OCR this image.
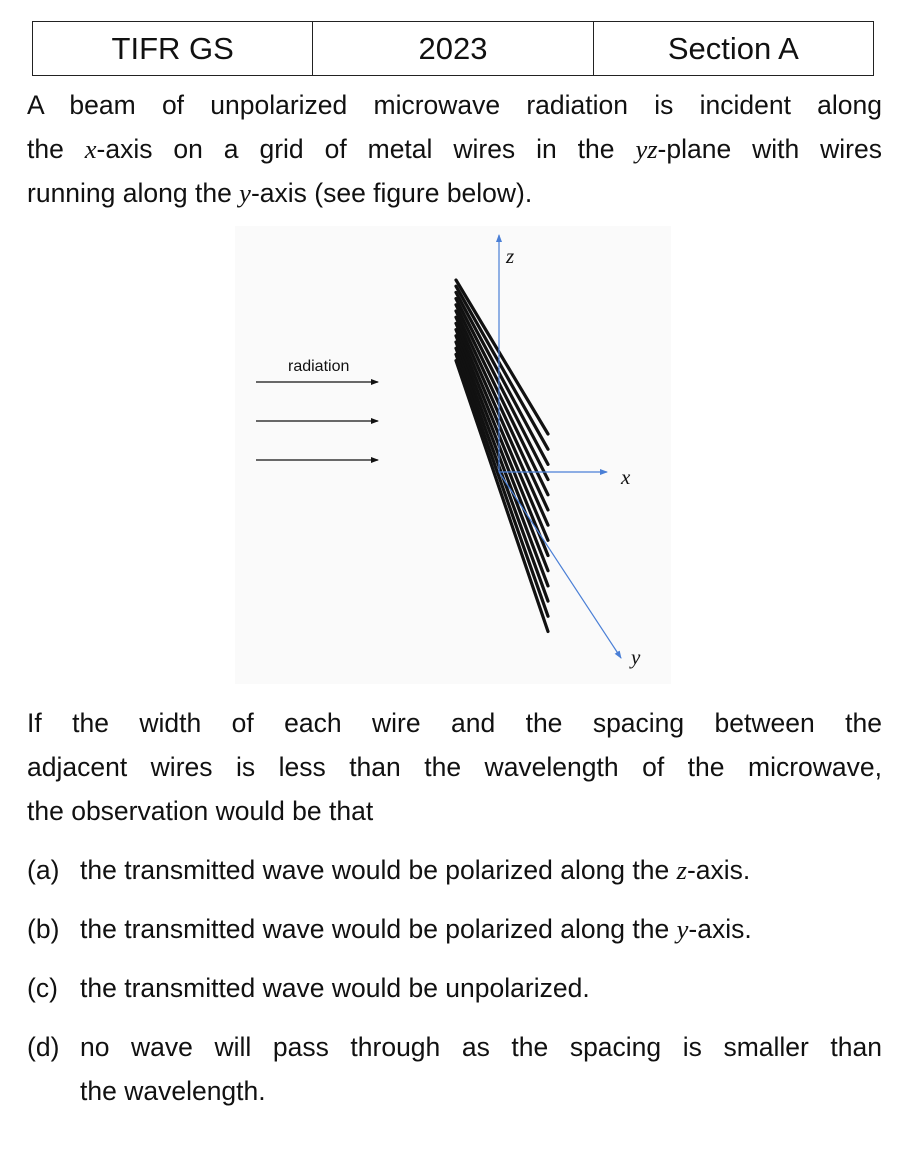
TIFR GS	2023	Section A
A beam of unpolarized microwave radiation is incident along
the x-axis on a grid of metal wires in the yz-plane with wires
running along the y-axis (see figure below).
radiation
z
x
y
If the width of each wire and the spacing between the
adjacent wires is less than the wavelength of the microwave,
the observation would be that
(a) the transmitted wave would be polarized along the z-axis.
(b) the transmitted wave would be polarized along the y-axis.
(c) the transmitted wave would be unpolarized.
(d) no wave will pass through as the spacing is smaller than
the wavelength.
